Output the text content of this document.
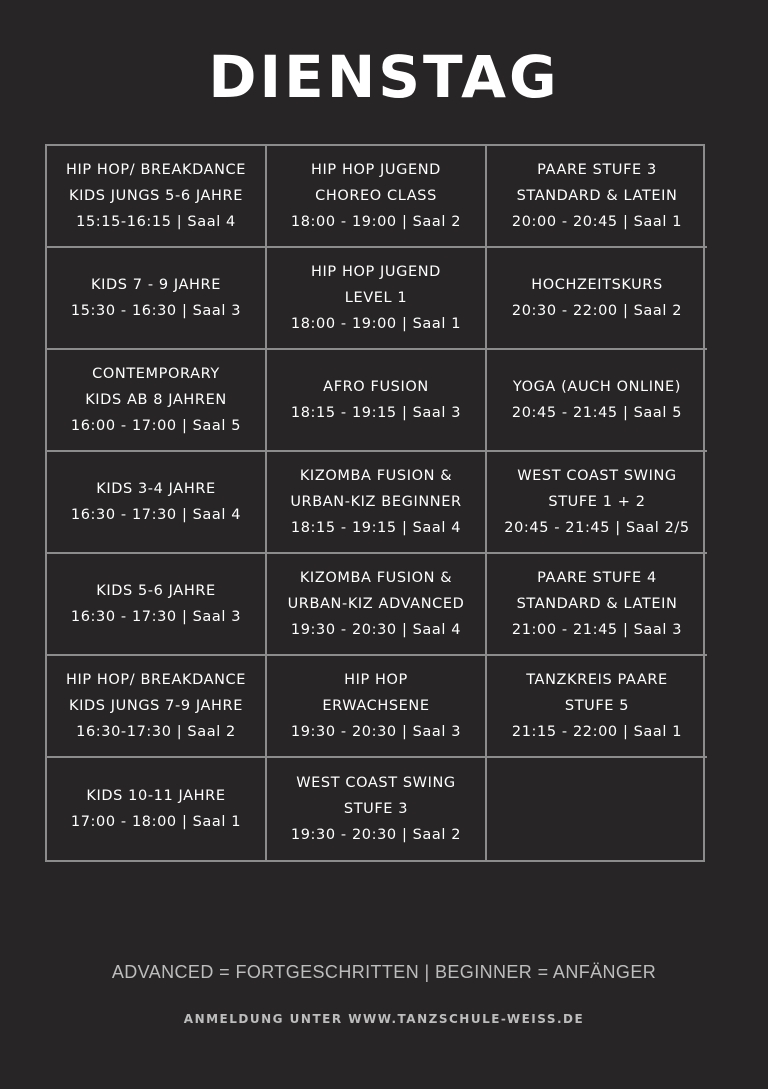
DIENSTAG
HIP HOP/ BREAKDANCE
KIDS JUNGS 5-6 JAHRE
15:15-16:15 | Saal 4
HIP HOP JUGEND
CHOREO CLASS
18:00 - 19:00 | Saal 2
PAARE STUFE 3
STANDARD & LATEIN
20:00 - 20:45 | Saal 1
KIDS 7 - 9 JAHRE
15:30 - 16:30 | Saal 3
HIP HOP JUGEND
LEVEL 1
18:00 - 19:00 | Saal 1
HOCHZEITSKURS
20:30 - 22:00 | Saal 2
CONTEMPORARY
KIDS AB 8 JAHREN
16:00 - 17:00 | Saal 5
AFRO FUSION
18:15 - 19:15 | Saal 3
YOGA (AUCH ONLINE)
20:45 - 21:45 | Saal 5
KIDS 3-4 JAHRE
16:30 - 17:30 | Saal 4
KIZOMBA FUSION &
URBAN-KIZ BEGINNER
18:15 - 19:15 | Saal 4
WEST COAST SWING
STUFE 1 + 2
20:45 - 21:45 | Saal 2/5
KIDS 5-6 JAHRE
16:30 - 17:30 | Saal 3
KIZOMBA FUSION &
URBAN-KIZ ADVANCED
19:30 - 20:30 | Saal 4
PAARE STUFE 4
STANDARD & LATEIN
21:00 - 21:45 | Saal 3
HIP HOP/ BREAKDANCE
KIDS JUNGS 7-9 JAHRE
16:30-17:30 | Saal 2
HIP HOP
ERWACHSENE
19:30 - 20:30 | Saal 3
TANZKREIS PAARE
STUFE 5
21:15 - 22:00 | Saal 1
KIDS 10-11 JAHRE
17:00 - 18:00 | Saal 1
WEST COAST SWING
STUFE 3
19:30 - 20:30 | Saal 2
ADVANCED = FORTGESCHRITTEN | BEGINNER = ANFÄNGER
ANMELDUNG UNTER WWW.TANZSCHULE-WEISS.DE
